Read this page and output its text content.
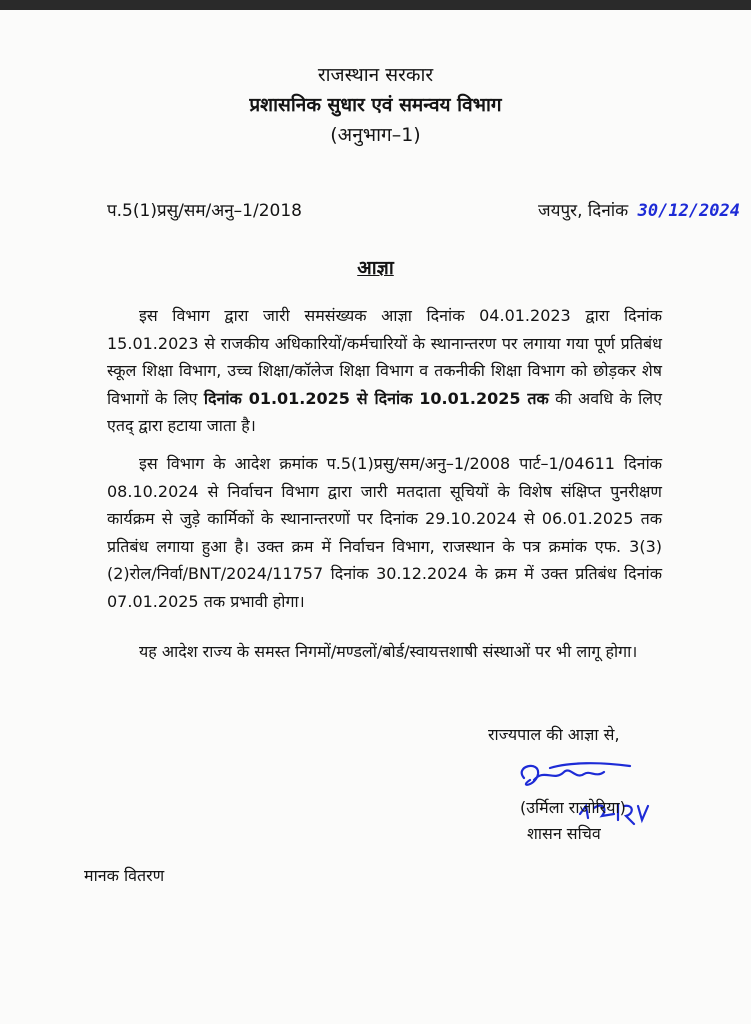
राजस्थान सरकार
प्रशासनिक सुधार एवं समन्वय विभाग
(अनुभाग–1)
प.5(1)प्रसु/सम/अनु–1/2018	जयपुर, दिनांक 30/12/2024
आज्ञा
इस विभाग द्वारा जारी समसंख्यक आज्ञा दिनांक 04.01.2023 द्वारा दिनांक 15.01.2023 से राजकीय अधिकारियों/कर्मचारियों के स्थानान्तरण पर लगाया गया पूर्ण प्रतिबंध स्कूल शिक्षा विभाग, उच्च शिक्षा/कॉलेज शिक्षा विभाग व तकनीकी शिक्षा विभाग को छोड़कर शेष विभागों के लिए दिनांक 01.01.2025 से दिनांक 10.01.2025 तक की अवधि के लिए एतद् द्वारा हटाया जाता है।
इस विभाग के आदेश क्रमांक प.5(1)प्रसु/सम/अनु–1/2008 पार्ट–1/04611 दिनांक 08.10.2024 से निर्वाचन विभाग द्वारा जारी मतदाता सूचियों के विशेष संक्षिप्त पुनरीक्षण कार्यक्रम से जुड़े कार्मिकों के स्थानान्तरणों पर दिनांक 29.10.2024 से 06.01.2025 तक प्रतिबंध लगाया हुआ है। उक्त क्रम में निर्वाचन विभाग, राजस्थान के पत्र क्रमांक एफ. 3(3)(2)रोल/निर्वा/BNT/2024/11757 दिनांक 30.12.2024 के क्रम में उक्त प्रतिबंध दिनांक 07.01.2025 तक प्रभावी होगा।
यह आदेश राज्य के समस्त निगमों/मण्डलों/बोर्ड/स्वायत्तशाषी संस्थाओं पर भी लागू होगा।
राज्यपाल की आज्ञा से,
(उर्मिला राजोरिया)
शासन सचिव
मानक वितरण
